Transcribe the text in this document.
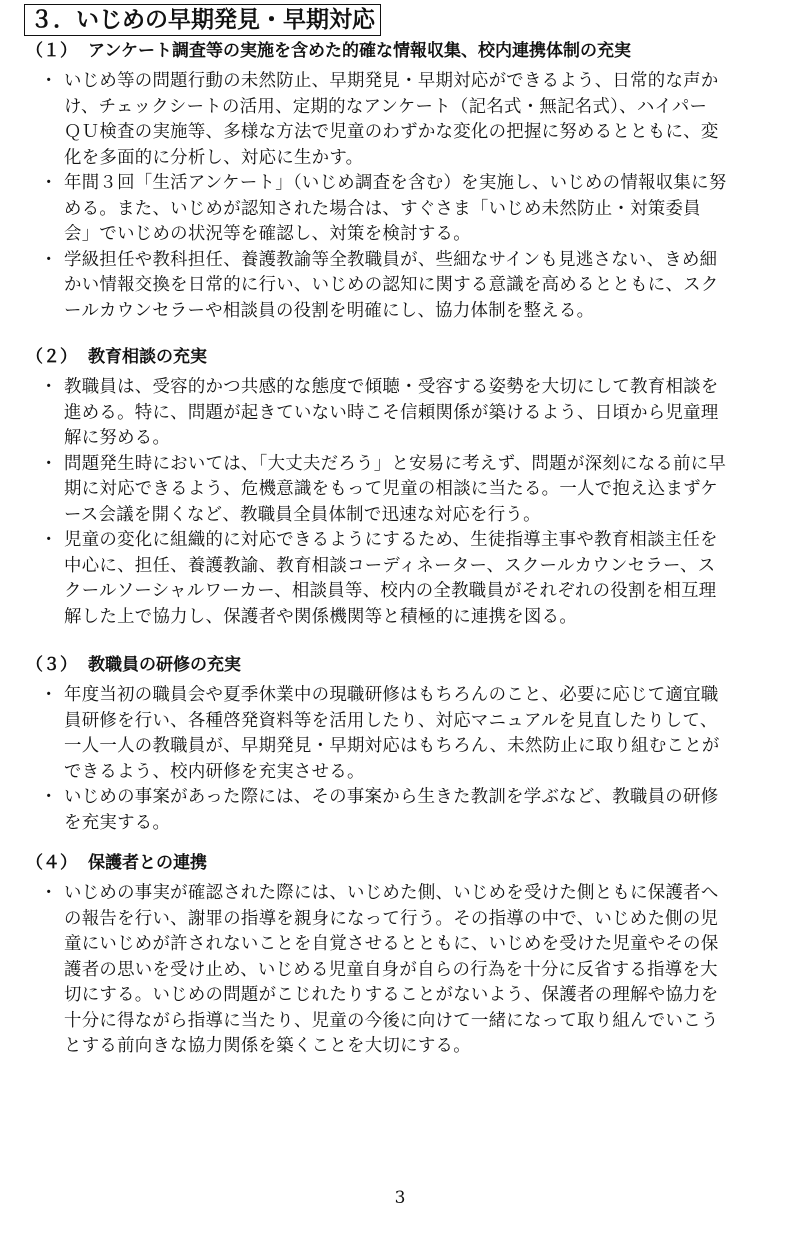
３．いじめの早期発見・早期対応
（１） アンケート調査等の実施を含めた的確な情報収集、校内連携体制の充実
・ いじめ等の問題行動の未然防止、早期発見・早期対応ができるよう、日常的な声か
け、チェックシートの活用、定期的なアンケート（記名式・無記名式）、ハイパー
ＱＵ検査の実施等、多様な方法で児童のわずかな変化の把握に努めるとともに、変
化を多面的に分析し、対応に生かす。
・ 年間３回「生活アンケート」（いじめ調査を含む）を実施し、いじめの情報収集に努
める。また、いじめが認知された場合は、すぐさま「いじめ未然防止・対策委員
会」でいじめの状況等を確認し、対策を検討する。
・ 学級担任や教科担任、養護教諭等全教職員が、些細なサインも見逃さない、きめ細
かい情報交換を日常的に行い、いじめの認知に関する意識を高めるとともに、スク
ールカウンセラーや相談員の役割を明確にし、協力体制を整える。
（２） 教育相談の充実
・ 教職員は、受容的かつ共感的な態度で傾聴・受容する姿勢を大切にして教育相談を
進める。特に、問題が起きていない時こそ信頼関係が築けるよう、日頃から児童理
解に努める。
・ 問題発生時においては、「大丈夫だろう」と安易に考えず、問題が深刻になる前に早
期に対応できるよう、危機意識をもって児童の相談に当たる。一人で抱え込まずケ
ース会議を開くなど、教職員全員体制で迅速な対応を行う。
・ 児童の変化に組織的に対応できるようにするため、生徒指導主事や教育相談主任を
中心に、担任、養護教諭、教育相談コーディネーター、スクールカウンセラー、ス
クールソーシャルワーカー、相談員等、校内の全教職員がそれぞれの役割を相互理
解した上で協力し、保護者や関係機関等と積極的に連携を図る。
（３） 教職員の研修の充実
・ 年度当初の職員会や夏季休業中の現職研修はもちろんのこと、必要に応じて適宜職
員研修を行い、各種啓発資料等を活用したり、対応マニュアルを見直したりして、
一人一人の教職員が、早期発見・早期対応はもちろん、未然防止に取り組むことが
できるよう、校内研修を充実させる。
・ いじめの事案があった際には、その事案から生きた教訓を学ぶなど、教職員の研修
を充実する。
（４） 保護者との連携
・ いじめの事実が確認された際には、いじめた側、いじめを受けた側ともに保護者へ
の報告を行い、謝罪の指導を親身になって行う。その指導の中で、いじめた側の児
童にいじめが許されないことを自覚させるとともに、いじめを受けた児童やその保
護者の思いを受け止め、いじめる児童自身が自らの行為を十分に反省する指導を大
切にする。いじめの問題がこじれたりすることがないよう、保護者の理解や協力を
十分に得ながら指導に当たり、児童の今後に向けて一緒になって取り組んでいこう
とする前向きな協力関係を築くことを大切にする。
3
